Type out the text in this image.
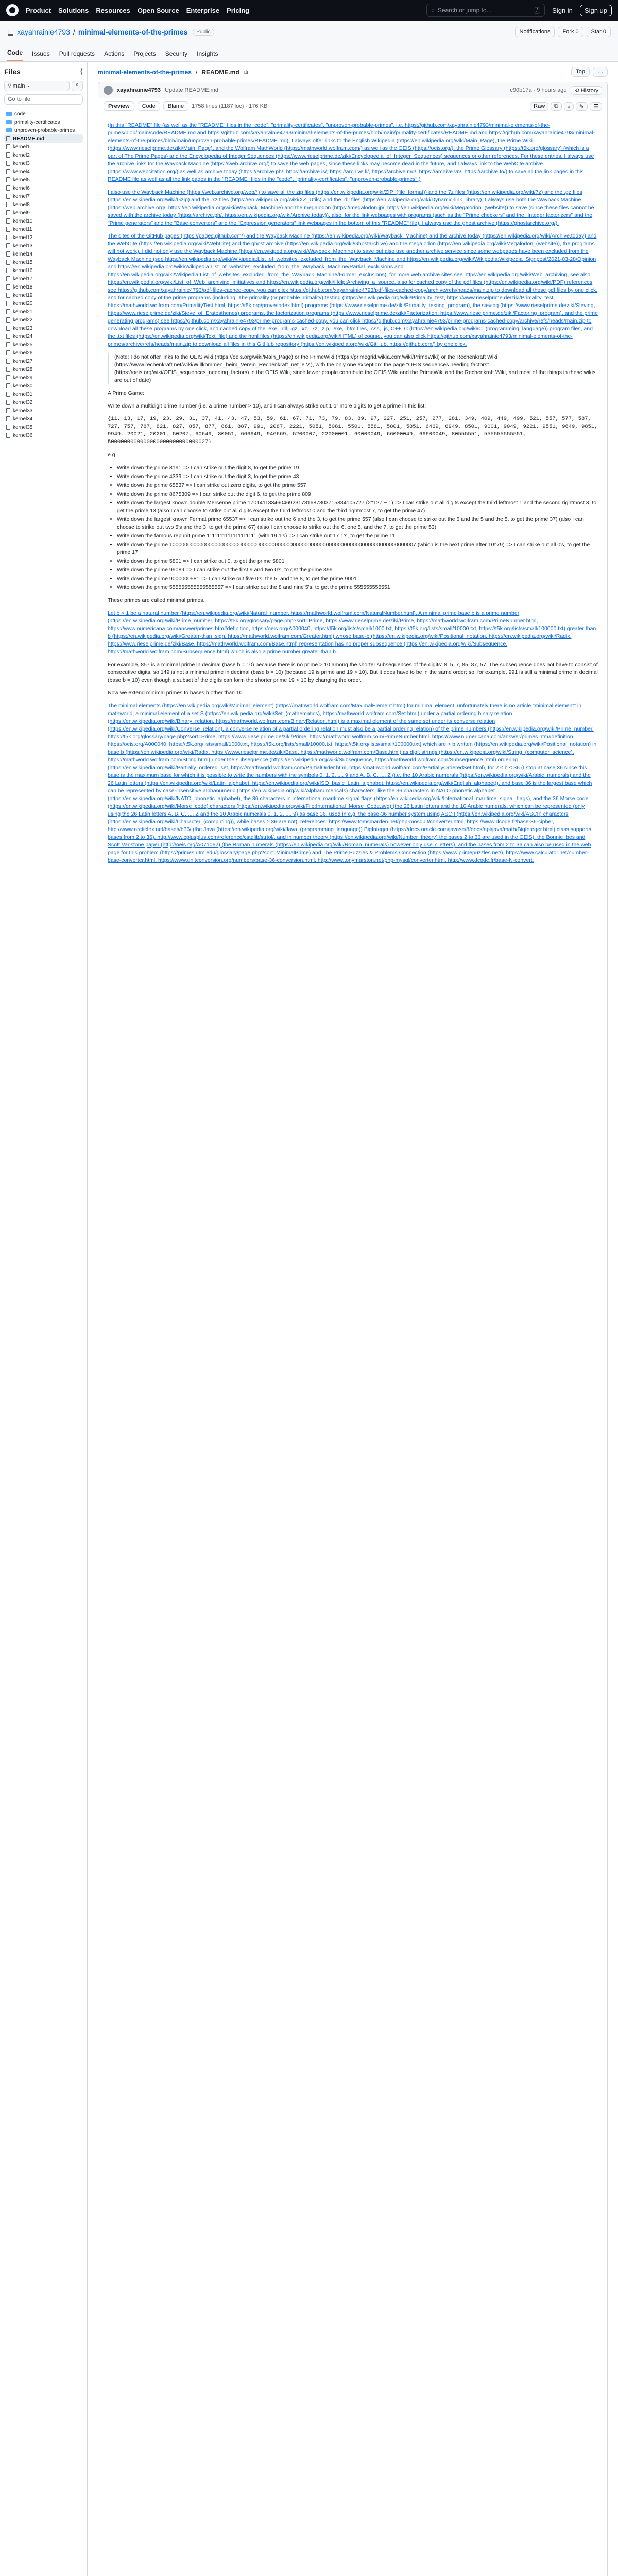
Product Solutions Resources Open Source Enterprise Pricing	⌕ Search or jump to...	/	Sign in	Sign up
▤ xayahrainie4793 / minimal-elements-of-the-primes	Public	Notifications	Fork 0	Star 0
Code Issues Pull requests Actions Projects Security Insights
Files	⟨
⑂ main ▾	⌕
Go to file
code
primality-certificates
unproven-probable-primes
README.md
kernel1
kernel2
kernel3
kernel4
kernel5
kernel6
kernel7
kernel8
kernel9
kernel10
kernel11
kernel12
kernel13
kernel14
kernel15
kernel16
kernel17
kernel18
kernel19
kernel20
kernel21
kernel22
kernel23
kernel24
kernel25
kernel26
kernel27
kernel28
kernel29
kernel30
kernel31
kernel32
kernel33
kernel34
kernel35
kernel36
minimal-elements-of-the-primes / README.md ⧉	Top	⋯
xayahrainie4793 Update README.md	c90b17a · 9 hours ago	⟲ History
Preview	Code	Blame	1758 lines (1187 loc) · 176 KB	Raw	⧉	⤓	✎	☰

(In this "README" file (as well as the "README" files in the "code", "primality-certificates", "unproven-probable-primes", i.e. https://github.com/xayahrainie4793/minimal-elements-of-the-primes/blob/main/code/README.md and https://github.com/xayahrainie4793/minimal-elements-of-the-primes/blob/main/primality-certificates/README.md and https://github.com/xayahrainie4793/minimal-elements-of-the-primes/blob/main/unproven-probable-primes/README.md), I always offer links to the English Wikipedia (https://en.wikipedia.org/wiki/Main_Page), the Prime Wiki (https://www.rieselprime.de/ziki/Main_Page), and the Wolfram MathWorld (https://mathworld.wolfram.com/) as well as the OEIS (https://oeis.org/), the Prime Glossary (https://t5k.org/glossary) (which is a part of The Prime Pages) and the Encyclopedia of Integer Sequences (https://www.rieselprime.de/ziki/Encyclopedia_of_Integer_Sequences) sequences or other references. For these entries, I always use the archive links for the Wayback Machine (https://web.archive.org/) to save the web pages, since these links may become dead in the future, and I always link to the WebCite archive (https://www.webcitation.org/) as well as archive.today (https://archive.ph/, https://archive.is/, https://archive.li/, https://archive.md/, https://archive.vn/, https://archive.fo/) to save all the link pages in this README file as well as all the link pages in the "README" files in the "code", "primality-certificates", "unproven-probable-primes".)

I also use the Wayback Machine (https://web.archive.org/web/*) to save all the zip files (https://en.wikipedia.org/wiki/ZIP_(file_format)) and the 7z files (https://en.wikipedia.org/wiki/7z) and the .gz files (https://en.wikipedia.org/wiki/Gzip) and the .xz files (https://en.wikipedia.org/wiki/XZ_Utils) and the .dll files (https://en.wikipedia.org/wiki/Dynamic-link_library), I always use both the Wayback Machine (https://web.archive.org/, https://en.wikipedia.org/wiki/Wayback_Machine) and the megalodon (https://megalodon.jp/, https://en.wikipedia.org/wiki/Megalodon_(website)) to save (since these files cannot be saved with the archive today (https://archive.ph/, https://en.wikipedia.org/wiki/Archive.today)), also, for the link webpages with programs (such as the "Prime checkers" and the "Integer factorizers" and the "Prime generators" and the "Base converters" and the "Expression generators" link webpages in the bottom of this "README" file), I always use the ghost archive (https://ghostarchive.org/).

The sites of the GitHub pages (https://pages.github.com/) and the Wayback Machine (https://en.wikipedia.org/wiki/Wayback_Machine) and the archive.today (https://en.wikipedia.org/wiki/Archive.today) and the WebCite (https://en.wikipedia.org/wiki/WebCite) and the ghost archive (https://en.wikipedia.org/wiki/Ghostarchive) and the megalodon (https://en.wikipedia.org/wiki/Megalodon_(website)), the programs will not work), I did not only use the Wayback Machine (https://en.wikipedia.org/wiki/Wayback_Machine) to save but also use another archive service since some webpages have been excluded from the Wayback Machine (see https://en.wikipedia.org/wiki/Wikipedia:List_of_websites_excluded_from_the_Wayback_Machine and https://en.wikipedia.org/wiki/Wikipedia:Wikipedia_Signpost/2021-03-28/Opinion and https://en.wikipedia.org/wiki/Wikipedia:List_of_websites_excluded_from_the_Wayback_Machine/Partial_exclusions and https://en.wikipedia.org/wiki/Wikipedia:List_of_websites_excluded_from_the_Wayback_Machine/Former_exclusions), for more web archive sites see https://en.wikipedia.org/wiki/Web_archiving, see also https://en.wikipedia.org/wiki/List_of_Web_archiving_initiatives and https://en.wikipedia.org/wiki/Help:Archiving_a_source, also for cached copy of the pdf files (https://en.wikipedia.org/wiki/PDF) references see https://github.com/xayahrainie4793/pdf-files-cached-copy, you can click https://github.com/xayahrainie4793/pdf-files-cached-copy/archive/refs/heads/main.zip to download all these pdf files by one click, and for cached copy of the prime programs (including: The primality (or probable primality) testing (https://en.wikipedia.org/wiki/Primality_test, https://www.rieselprime.de/ziki/Primality_test, https://mathworld.wolfram.com/PrimalityTest.html, https://t5k.org/prove/index.html) programs (https://www.rieselprime.de/ziki/Primality_testing_program), the sieving (https://www.rieselprime.de/ziki/Sieving, https://www.rieselprime.de/ziki/Sieve_of_Eratosthenes) programs, the factorization programs (https://www.rieselprime.de/ziki/Factorization, https://www.rieselprime.de/ziki/Factoring_program), and the prime generating programs) see https://github.com/xayahrainie4793/prime-programs-cached-copy, you can click https://github.com/xayahrainie4793/prime-programs-cached-copy/archive/refs/heads/main.zip to download all these programs by one click, and cached copy of the .exe, .dll, .gz, .xz, .7z, .zip, .exe, .htm files, .css, .js, C++, C (https://en.wikipedia.org/wiki/C_(programming_language)) program files, and the .txt files (https://en.wikipedia.org/wiki/Text_file) and the html files (https://en.wikipedia.org/wiki/HTML) of course, you can also click https://github.com/xayahrainie4793/minimal-elements-of-the-primes/archive/refs/heads/main.zip to download all files in this GitHub repository (https://en.wikipedia.org/wiki/GitHub, https://github.com/) by one click.

(Note: I do not offer links to the OEIS wiki (https://oeis.org/wiki/Main_Page) or the PrimeWiki (https://primegrid.wikia.com/wiki/PrimeWiki) or the Rechenkraft Wiki (https://www.rechenkraft.net/wiki/Willkommen_beim_Verein_Rechenkraft_net_e.V.), with the only one exception: the page "OEIS sequences needing factors" (https://oeis.org/wiki/OEIS_sequences_needing_factors) in the OEIS Wiki, since fewer people contribute the OEIS Wiki and the PrimeWiki and the Rechenkraft Wiki, and most of the things in these wikis are out of date)

A Prime Game:

Write down a multidigit prime number (i.e. a prime number > 10), and I can always strike out 1 or more digits to get a prime in this list:

{11, 13, 17, 19, 23, 29, 31, 37, 41, 43, 47, 53, 59, 61, 67, 71, 73, 79, 83, 89, 97, 227, 251, 257, 277, 281, 349, 409, 449, 499, 521, 557, 577, 587, 727, 757, 787, 821, 827, 857, 877, 881, 887, 991, 2087, 2221, 5051, 5081, 5501, 5581, 5801, 5851, 6469, 6949, 8501, 9001, 9049, 9221, 9551, 9649, 9851, 9949, 20021, 20201, 50207, 60649, 80051, 666649, 946669, 5200007, 22000001, 60000049, 66000049, 66600049, 80555551, 555555555551, 5000000000000000000000000000027}

e.g.

• Write down the prime 8191 => I can strike out the digit 8, to get the prime 19
• Write down the prime 4339 => I can strike out the digit 3, to get the prime 43
• Write down the prime 65537 => I can strike out zero digits, to get the prime 557
• Write down the prime 8675309 => I can strike out the digit 6, to get the prime 809
• Write down the largest known double Mersenne prime 170141183460469231731687303715884105727 (2^127 − 1) => I can strike out all digits except the third leftmost 1 and the second rightmost 3, to get the prime 13 (also I can choose to strike out all digits except the third leftmost 0 and the third rightmost 7, to get the prime 47)
• Write down the largest known Fermat prime 65537 => I can strike out the 6 and the 3, to get the prime 557 (also I can choose to strike out the 6 and the 5 and the 5, to get the prime 37) (also I can choose to strike out two 5's and the 3, to get the prime 67) (also I can choose to strike out the 6, one 5, and the 7, to get the prime 53)
• Write down the famous repunit prime 1111111111111111111 (with 19 1's) => I can strike out 17 1's, to get the prime 11
• Write down the prime 1000000000000000000000000000000000000000000000000000000000000000000000000000000007 (which is the next prime after 10^79) => I can strike out all 0's, to get the prime 17
• Write down the prime 5801 => I can strike out 0, to get the prime 5801
• Write down the prime 99089 => I can strike out the first 9 and two 0's, to get the prime 899
• Write down the prime 9000000581 => I can strike out five 0's, the 5, and the 8, to get the prime 9001
• Write down the prime 555555555555555557 => I can strike out the 8 and nine 5's, to get the prime 555555555551

These primes are called minimal primes.

Let b > 1 be a natural number (https://en.wikipedia.org/wiki/Natural_number, https://mathworld.wolfram.com/NaturalNumber.html). A minimal prime base b is a prime number (https://en.wikipedia.org/wiki/Prime_number, https://t5k.org/glossary/page.php?sort=Prime, https://www.rieselprime.de/ziki/Prime, https://mathworld.wolfram.com/PrimeNumber.html, https://www.numericana.com/answer/primes.htm#definition, https://oeis.org/A000040, https://t5k.org/lists/small/1000.txt, https://t5k.org/lists/small/10000.txt, https://t5k.org/lists/small/100000.txt) greater than b (https://en.wikipedia.org/wiki/Greater-than_sign, https://mathworld.wolfram.com/Greater.html) whose base-b (https://en.wikipedia.org/wiki/Positional_notation, https://en.wikipedia.org/wiki/Radix, https://www.rieselprime.de/ziki/Base, https://mathworld.wolfram.com/Base.html) representation has no proper subsequence (https://en.wikipedia.org/wiki/Subsequence, https://mathworld.wolfram.com/Subsequence.html) which is also a prime number greater than b.

For example, 857 is a minimal prime in decimal (base b = 10) because there is no prime > 10 among the shorter subsequences of the digits: 8, 5, 7, 85, 87, 57. The subsequence does not have to consist of consecutive digits, so 149 is not a minimal prime in decimal (base b = 10) (because 19 is prime and 19 > 10). But it does have to be in the same order; so, for example, 991 is still a minimal prime in decimal (base b = 10) even though a subset of the digits can form the shorter prime 19 > 10 by changing the order.

Now we extend minimal primes to bases b other than 10.

The minimal elements (https://en.wikipedia.org/wiki/Minimal_element) (https://mathworld.wolfram.com/MaximalElement.html) for minimal element, unfortunately there is no article "minimal element" in mathworld, a minimal element of a set S (https://en.wikipedia.org/wiki/Set_(mathematics), https://mathworld.wolfram.com/Set.html) under a partial ordering binary relation (https://en.wikipedia.org/wiki/Binary_relation, https://mathworld.wolfram.com/BinaryRelation.html) is a maximal element of the same set under its converse relation (https://en.wikipedia.org/wiki/Converse_relation), a converse relation of a partial ordering relation must also be a partial ordering relation) of the prime numbers (https://en.wikipedia.org/wiki/Prime_number, https://t5k.org/glossary/page.php?sort=Prime, https://www.rieselprime.de/ziki/Prime, https://mathworld.wolfram.com/PrimeNumber.html, https://www.numericana.com/answer/primes.htm#definition, https://oeis.org/A000040, https://t5k.org/lists/small/1000.txt, https://t5k.org/lists/small/10000.txt, https://t5k.org/lists/small/100000.txt) which are > b written (https://en.wikipedia.org/wiki/Positional_notation) in base b (https://en.wikipedia.org/wiki/Radix, https://www.rieselprime.de/ziki/Base, https://mathworld.wolfram.com/Base.html) as digit strings (https://en.wikipedia.org/wiki/String_(computer_science), https://mathworld.wolfram.com/String.html) under the subsequence (https://en.wikipedia.org/wiki/Subsequence, https://mathworld.wolfram.com/Subsequence.html) ordering (https://en.wikipedia.org/wiki/Partially_ordered_set, https://mathworld.wolfram.com/PartialOrder.html, https://mathworld.wolfram.com/PartiallyOrderedSet.html), for 2 ≤ b ≤ 36 (I stop at base 36 since this base is the maximum base for which it is possible to write the numbers with the symbols 0, 1, 2, ..., 9 and A, B, C, ..., Z (i.e. the 10 Arabic numerals (https://en.wikipedia.org/wiki/Arabic_numerals) and the 26 Latin letters (https://en.wikipedia.org/wiki/Latin_alphabet, https://en.wikipedia.org/wiki/ISO_basic_Latin_alphabet, https://en.wikipedia.org/wiki/English_alphabet)), and base 36 is the largest base which can be represented by case-insensitive alphanumeric (https://en.wikipedia.org/wiki/Alphanumericals) characters, like the 36 characters in NATO phonetic alphabet (https://en.wikipedia.org/wiki/NATO_phonetic_alphabet), the 36 characters in international maritime signal flags (https://en.wikipedia.org/wiki/International_maritime_signal_flags), and the 36 Morse code (https://en.wikipedia.org/wiki/Morse_code) characters (https://en.wikipedia.org/wiki/File:International_Morse_Code.svg) (the 26 Latin letters and the 10 Arabic numerals, which can be represented (only using the 26 Latin letters A, B, C, ..., Z and the 10 Arabic numerals 0, 1, 2, ..., 9) as base 36, used in e.g. the base-36 number system using ASCII (https://en.wikipedia.org/wiki/ASCII) characters (https://en.wikipedia.org/wiki/Character_(computing)), while bases ≥ 36 are not), references: https://www.tomsmarden.net/php-mosquit/converter.html, https://www.dcode.fr/base-36-cipher, http://www.arcticfox.net/bases/b36/ (the Java (https://en.wikipedia.org/wiki/Java_(programming_language)) BigInteger (https://docs.oracle.com/javase/8/docs/api/java/math/BigInteger.html) class supports bases from 2 to 36), http://www.cplusplus.com/reference/cstdlib/strtol/, and in number theory (https://en.wikipedia.org/wiki/Number_theory) the bases 2 to 36 are used in the OEIS), the Bonnie Ibes and Scott Vanstone paper (http://oeis.org/A071062) (the Roman numerals (https://en.wikipedia.org/wiki/Roman_numerals) however only use 7 letters), and the bases from 2 to 36 can also be used in the web page for this problem (https://primes.utm.edu/glossary/page.php?sort=MinimalPrime) and The Prime Puzzles & Problems Connection (https://www.primepuzzles.net/), https://www.calculator.net/number-base-converter.html, https://www.unitconversion.org/numbers/base-36-conversion.html, http://www.tonymarston.net/php-mysql/converter.html, http://www.dcode.fr/base-N-convert.
